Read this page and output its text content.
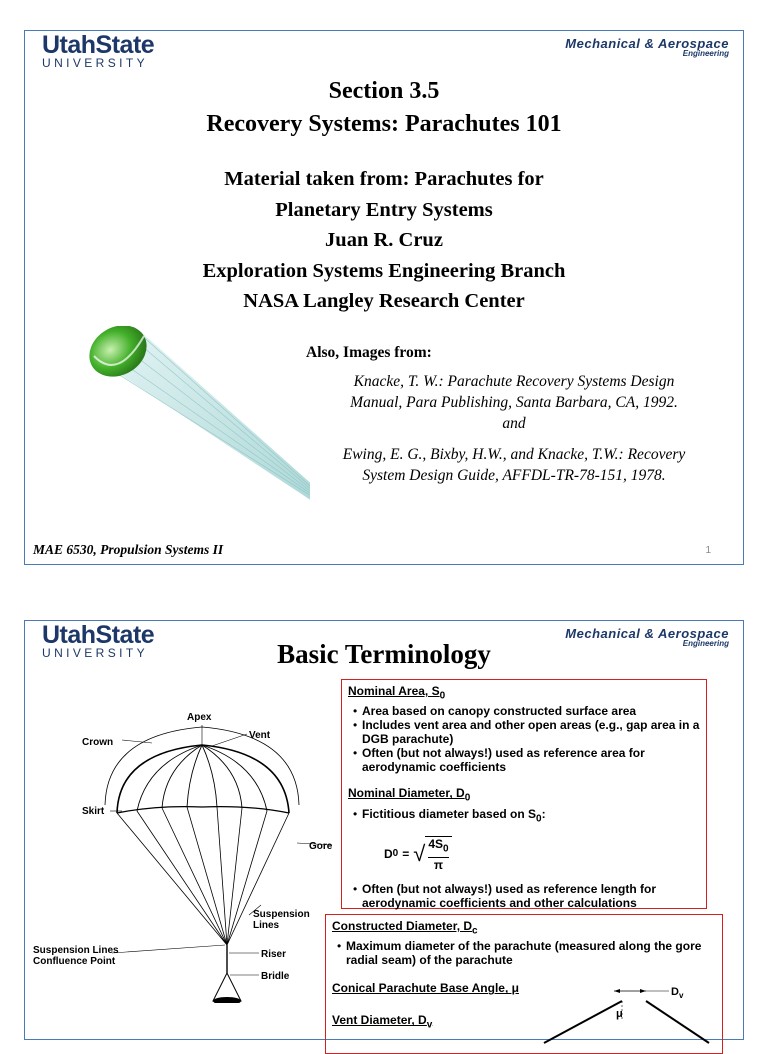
UtahState
UNIVERSITY
Mechanical & Aerospace
Engineering
Section 3.5
Recovery Systems: Parachutes 101
Material taken from: Parachutes for
Planetary Entry Systems
Juan R. Cruz
Exploration Systems Engineering Branch
NASA Langley Research Center
Also, Images from:
Knacke, T. W.: Parachute Recovery Systems Design
Manual, Para Publishing, Santa Barbara, CA, 1992.
and
Ewing, E. G., Bixby, H.W., and Knacke, T.W.: Recovery
System Design Guide, AFFDL-TR-78-151, 1978.
MAE 6530, Propulsion Systems II	1
UtahState
UNIVERSITY
Mechanical & Aerospace
Engineering
Basic Terminology
Apex
Crown
Vent
Skirt
Gore
Suspension
Lines
Suspension Lines
Confluence Point
Riser
Bridle
Nominal Area, $S_0$
• Area based on canopy constructed surface area
• Includes vent area and other open areas (e.g., gap area in a DGB parachute)
• Often (but not always!) used as reference area for aerodynamic coefficients
Nominal Diameter, $D_0$
• Fictitious diameter based on $S_0$:
D 0 = √ $4S_0$
π
• Often (but not always!) used as reference length for aerodynamic coefficients and other calculations
Constructed Diameter, $D_c$
• Maximum diameter of the parachute (measured along the gore radial seam) of the parachute
Conical Parachute Base Angle, μ
Vent Diameter, $D_v$
$D_v$
μ
